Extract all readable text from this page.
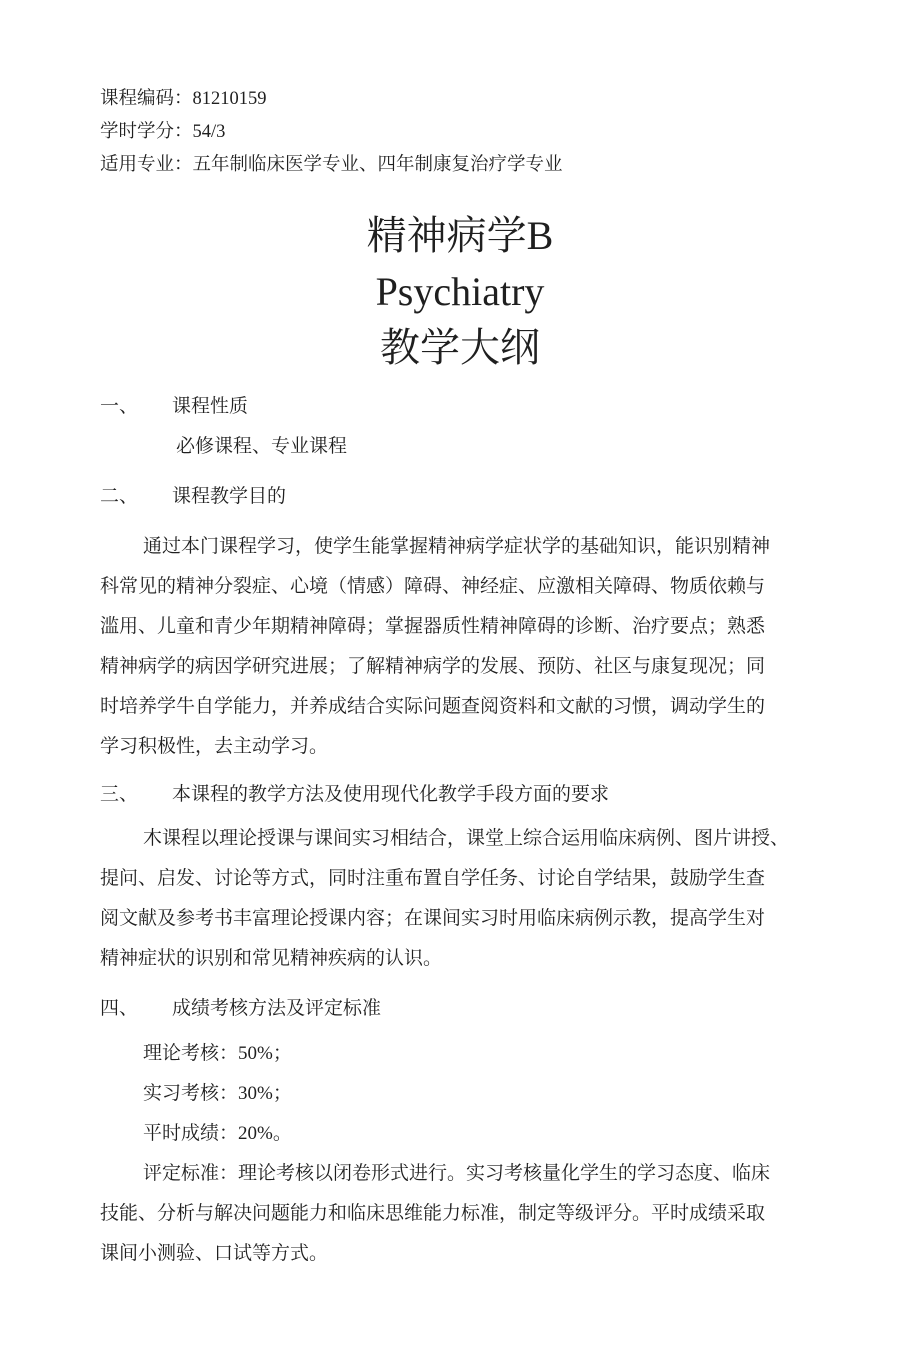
课程编码：81210159
学时学分：54/3
适用专业：五年制临床医学专业、四年制康复治疗学专业
精神病学B
Psychiatry
教学大纲
一、 课程性质
必修课程、专业课程
二、 课程教学目的
通过本门课程学习，使学生能掌握精神病学症状学的基础知识，能识别精神
科常见的精神分裂症、心境（情感）障碍、神经症、应激相关障碍、物质依赖与
滥用、儿童和青少年期精神障碍；掌握器质性精神障碍的诊断、治疗要点；熟悉
精神病学的病因学研究进展；了解精神病学的发展、预防、社区与康复现况；同
时培养学牛自学能力，并养成结合实际问题查阅资料和文献的习惯，调动学生的
学习积极性，去主动学习。
三、 本课程的教学方法及使用现代化教学手段方面的要求
木课程以理论授课与课间实习相结合，课堂上综合运用临床病例、图片讲授、
提问、启发、讨论等方式，同时注重布置自学任务、讨论自学结果，鼓励学生查
阅文献及参考书丰富理论授课内容；在课间实习时用临床病例示教，提高学生对
精神症状的识别和常见精神疾病的认识。
四、 成绩考核方法及评定标准
理论考核：50%；
实习考核：30%；
平时成绩：20%。
评定标准：理论考核以闭卷形式进行。实习考核量化学生的学习态度、临床
技能、分析与解决问题能力和临床思维能力标准，制定等级评分。平时成绩采取
课间小测验、口试等方式。
